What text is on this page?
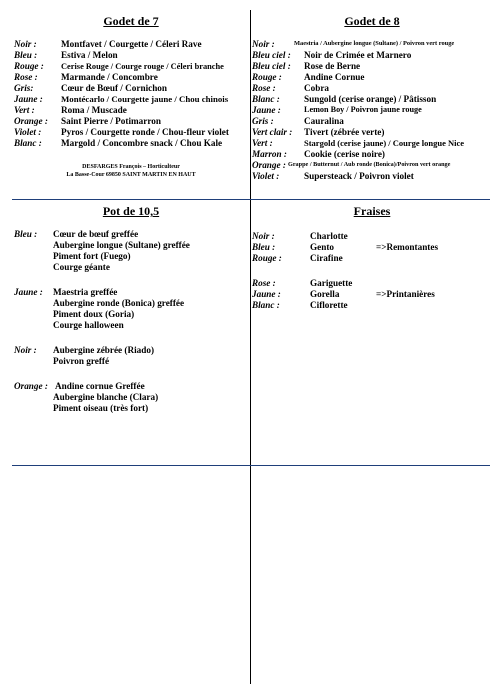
Godet de 7
Noir :	Montfavet / Courgette / Céleri Rave
Bleu :	Estiva / Melon
Rouge : Cerise Rouge / Courge rouge / Céleri branche
Rose :	Marmande / Concombre
Gris:	Cœur de Bœuf / Cornichon
Jaune : Montécarlo / Courgette jaune / Chou chinois
Vert :	Roma / Muscade
Orange : Saint Pierre / Potimarron
Violet : Pyros / Courgette ronde / Chou-fleur violet
Blanc : Margold / Concombre snack / Chou Kale
DESFARGES François – Horticulteur
La Basse-Cour 69850 SAINT MARTIN EN HAUT
Godet de 8
Noir :	Maestria / Aubergine longue (Sultane) / Poivron vert rouge
Bleu ciel : Noir de Crimée et Marnero
Bleu ciel : Rose de Berne
Rouge : Andine Cornue
Rose :	Cobra
Blanc :	Sungold (cerise orange) / Pâtisson
Jaune :	Lemon Boy / Poivron jaune rouge
Gris :	Cauralina
Vert clair : Tivert (zébrée verte)
Vert :	Stargold (cerise jaune) / Courge longue Nice
Marron : Cookie (cerise noire)
Orange : Grappe / Butternut / Aub ronde (Bonica)/Poivron vert orange
Violet :	Supersteack / Poivron violet
Pot de 10,5
Bleu : Cœur de bœuf greffée
Aubergine longue (Sultane) greffée
Piment fort (Fuego)
Courge géante
Jaune : Maestria greffée
Aubergine ronde (Bonica) greffée
Piment doux (Goria)
Courge halloween
Noir : Aubergine zébrée (Riado)
Poivron greffé
Orange : Andine cornue Greffée
Aubergine blanche (Clara)
Piment oiseau (très fort)
Fraises
Noir :	Charlotte
Bleu :	Gento	=>Remontantes
Rouge :	Cirafine
Rose :	Gariguette
Jaune :	Gorella	=>Printanières
Blanc :	Ciflorette
